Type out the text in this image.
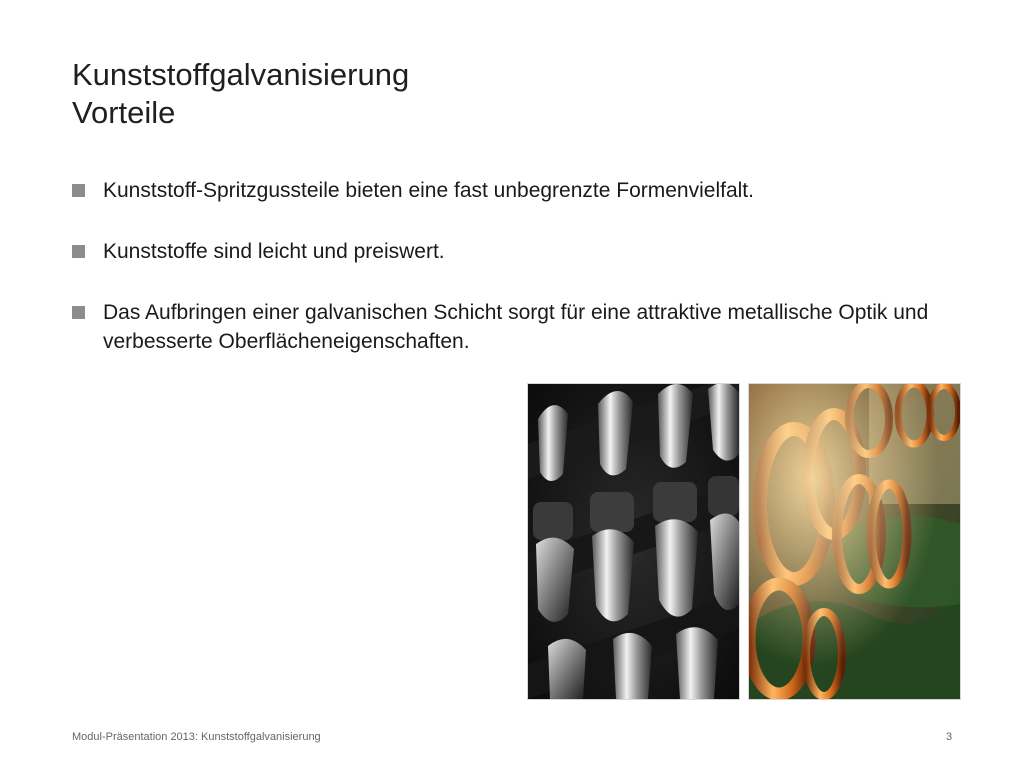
Kunststoffgalvanisierung
Vorteile
Kunststoff-Spritzgussteile bieten eine fast unbegrenzte Formenvielfalt.
Kunststoffe sind leicht und preiswert.
Das Aufbringen einer galvanischen Schicht sorgt für eine attraktive metallische Optik und verbesserte Oberflächeneigenschaften.
Modul-Präsentation 2013: Kunststoffgalvanisierung	3
